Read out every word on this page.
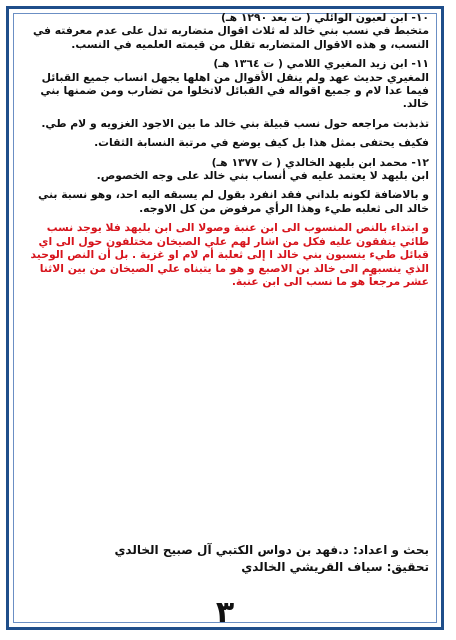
١٠- ابن لعبون الوائلي ( ت بعد ١٢٩٠ هـ)
متخبط في نسب بني خالد له ثلاث اقوال متضاربه تدل على عدم معرفته في النسب، و هذه الاقوال المتضاربه تقلل من قيمته العلميه في النسب.

١١- ابن زيد المغيري اللامي ( ت ١٣٦٤ هـ)
المغيري حديث عهد ولم ينقل الأقوال من اهلها يجهل انساب جميع القبائل فيما عدا لام و جميع اقواله في القبائل لاتخلوا من تضارب ومن ضمنها بني خالد.

تذبذبت مراجعه حول نسب قبيلة بني خالد ما بين الاجود الغزويه و لام طي.

فكيف يحتفى بمثل هذا بل كيف يوضع في مرتبة النسابة الثقات.

١٢- محمد ابن بليهد الخالدي ( ت ١٣٧٧ هـ)
ابن بليهد لا يعتمد عليه في أنساب بني خالد على وجه الخصوص.

و بالاضافة لكونه بلداني فقد انفرد بقول لم يسبقه اليه احد، وهو نسبة بني خالد الى ثعلبه طيء وهذا الرأي مرفوض من كل الاوجه.

و ابتداء بالنص المنسوب الى ابن عنبة وصولا الى ابن بليهد فلا يوجد نسب طائي يتفقون عليه فكل من اشار لهم علي الصيخان مختلفون حول الى اي قبائل طيء ينسبون بني خالد ا إلى ثعلبة أم لام او غزية . بل أن النص الوحيد الذي ينسبهم الى خالد بن الاصبع و هو ما يتبناه علي الصيخان من بين الاثنا عشر مرجعاً هو ما نسب الى ابن عنبة.

بحث و اعداد: د.فهد بن دواس الكتبي آل صبيح الخالدي
تحقيق: سياف القريشي الخالدي
٣
